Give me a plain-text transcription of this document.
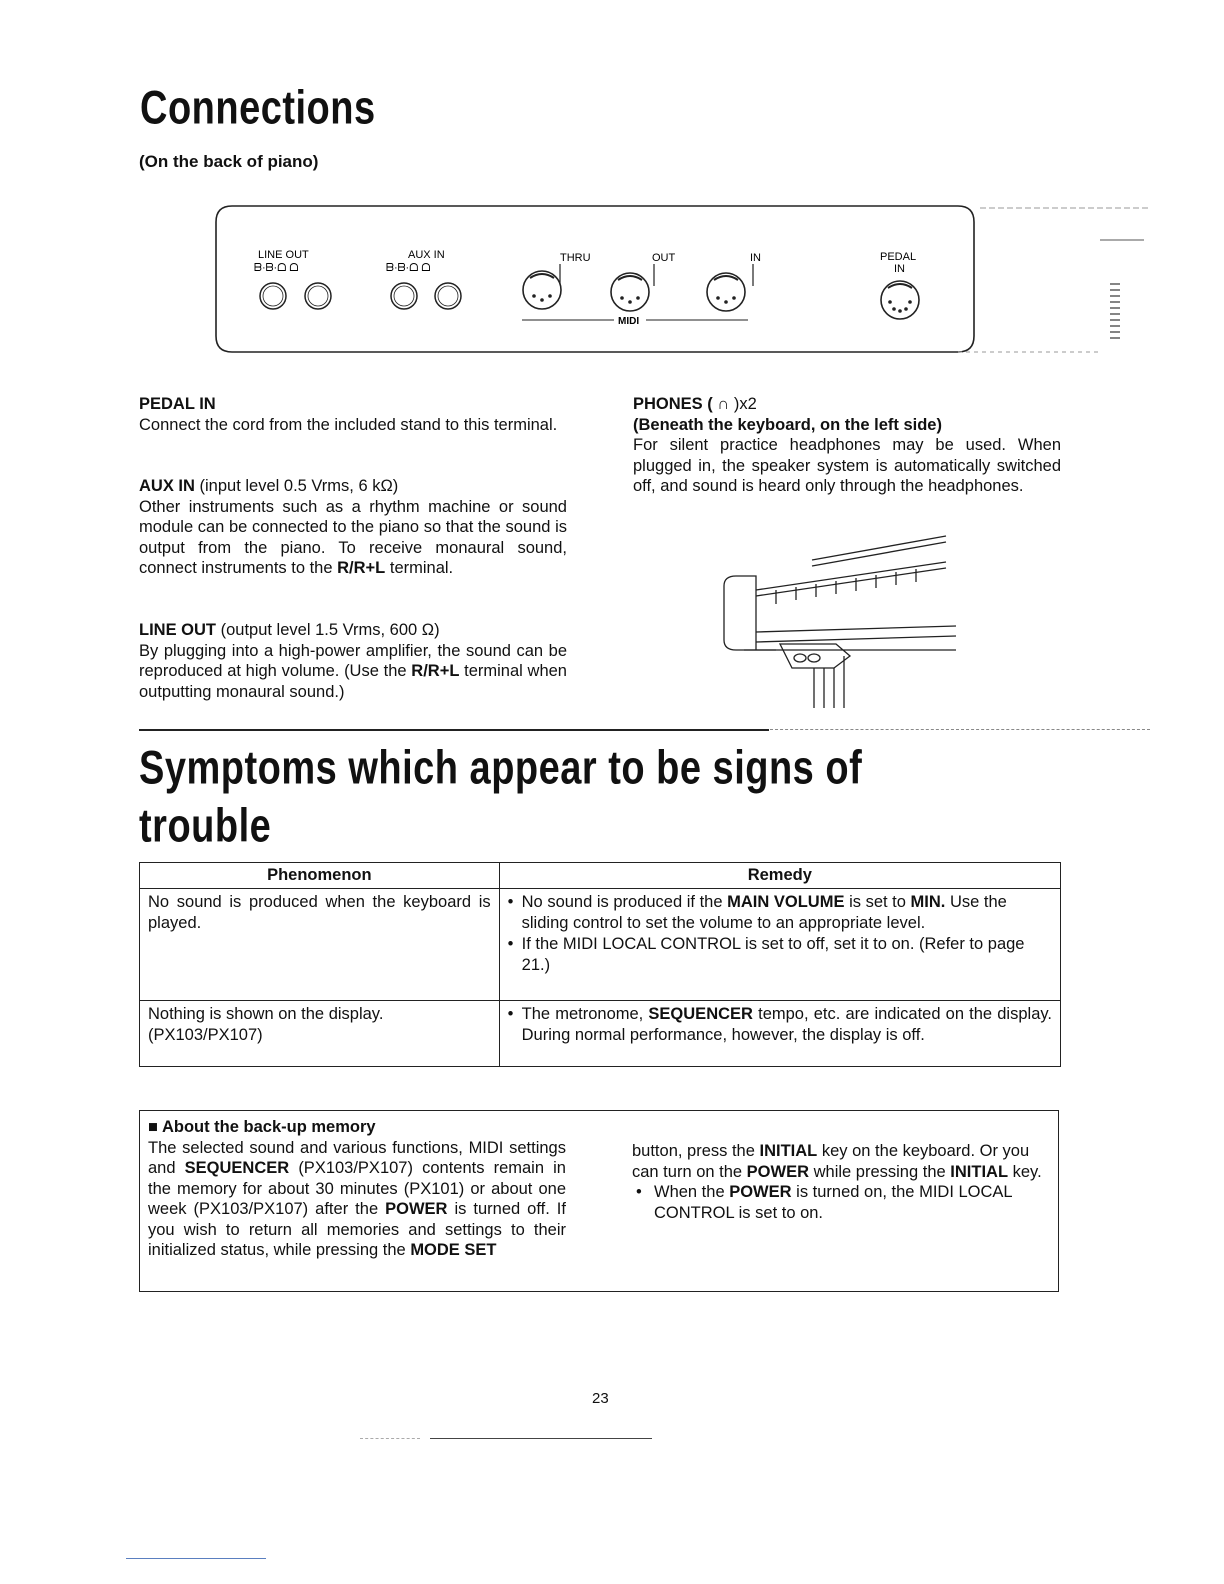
Connections
(On the back of piano)
LINE OUT
ᗷ·ᗷ·ᗝ ᗝ
AUX IN
ᗷ·ᗷ·ᗝ ᗝ
THRU	OUT	IN
MIDI
PEDAL
IN

PEDAL IN

Connect the cord from the included stand to this terminal.

AUX IN (input level 0.5 Vrms, 6 kΩ)

Other instruments such as a rhythm machine or sound module can be connected to the piano so that the sound is output from the piano. To receive monaural sound, connect instruments to the R/R+L terminal.

LINE OUT (output level 1.5 Vrms, 600 Ω)

By plugging into a high-power amplifier, the sound can be reproduced at high volume. (Use the R/R+L terminal when outputting monaural sound.)

PHONES ( ∩ )x2

(Beneath the keyboard, on the left side)

For silent practice headphones may be used. When plugged in, the speaker system is automatically switched off, and sound is heard only through the headphones.

Symptoms which appear to be signs of
trouble
Phenomenon	Remedy
No sound is produced when the keyboard is played.	• No sound is produced if the MAIN VOLUME is set to MIN. Use the sliding control to set the volume to an appropriate level.
• If the MIDI LOCAL CONTROL is set to off, set it to on. (Refer to page 21.)

Nothing is shown on the display. (PX103/PX107)	• The metronome, SEQUENCER tempo, etc. are indicated on the display. During normal performance, however, the display is off.

■ About the back-up memory

The selected sound and various functions, MIDI settings and SEQUENCER (PX103/PX107) contents remain in the memory for about 30 minutes (PX101) or about one week (PX103/PX107) after the POWER is turned off. If you wish to return all memories and settings to their initialized status, while pressing the MODE SET

button, press the INITIAL key on the keyboard. Or you can turn on the POWER while pressing the INITIAL key.

• When the POWER is turned on, the MIDI LOCAL CONTROL is set to on.

23
